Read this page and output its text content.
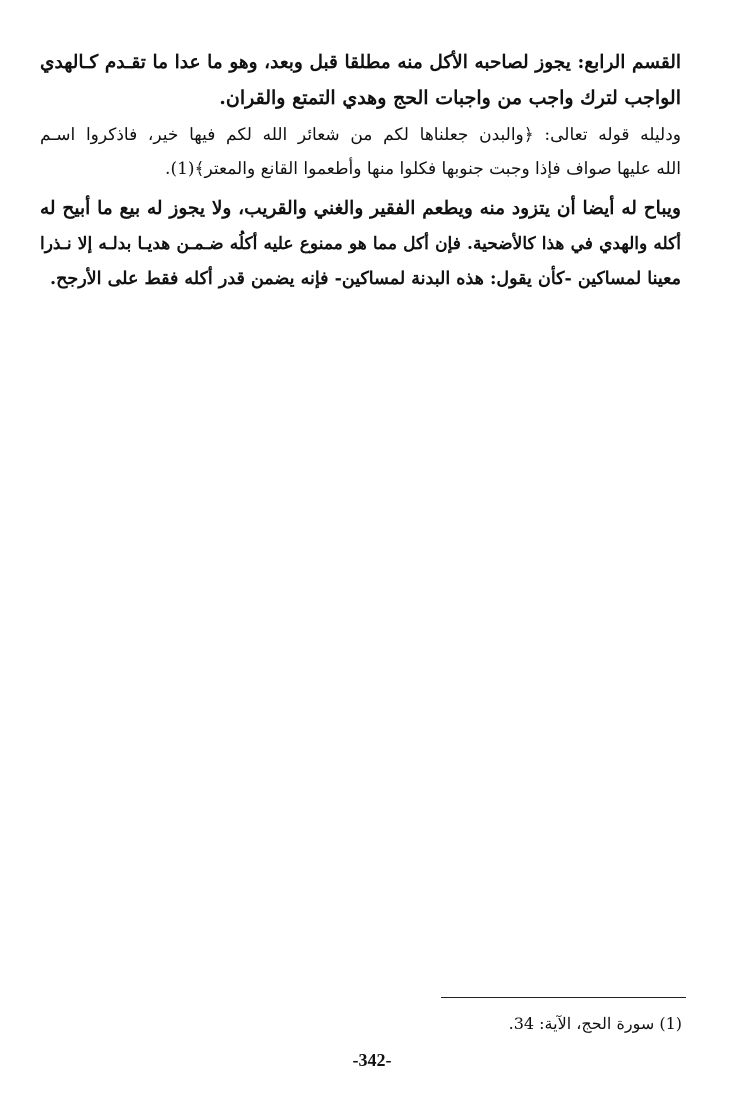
القسم الرابع: يجوز لصاحبه الأكل منه مطلقا قبل وبعد، وهو ما عدا ما تقـدم كـالهدي
الواجب لترك واجب من واجبات الحج وهدي التمتع والقران.
ودليله قوله تعالى: ﴿والبدن جعلناها لكم من شعائر الله لكم فيها خير، فاذكروا اسـم
الله عليها صواف فإذا وجبت جنوبها فكلوا منها وأطعموا القانع والمعتر﴾(1).
ويباح له أيضا أن يتزود منه ويطعم الفقير والغني والقريب، ولا يجوز له بيع ما أبيح له
أكله والهدي في هذا كالأضحية. فإن أكل مما هو ممنوع عليه أكلُه ضـمـن هديـا بدلـه إلا نـذرا
معينا لمساكين -كأن يقول: هذه البدنة لمساكين- فإنه يضمن قدر أكله فقط على الأرجح.
(1) سورة الحج، الآية: 34.
-342-
